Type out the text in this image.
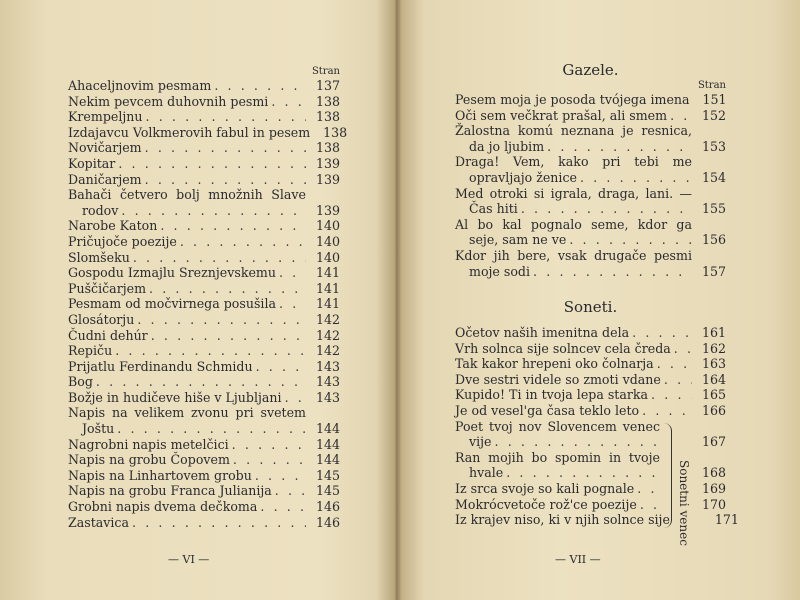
Stran
Ahaceljnovim pesmam . . .	137
Nekim pevcem duhovnih pesmi . . .	138
Krempeljnu . . .	138
Izdajavcu Volkmerovih fabul in pesem . . .	138
Novičarjem . . .	138
Kopitar . . .	139
Daničarjem . . .	139
Bahači četvero bolj množnih Slave
rodov . . .	139
Narobe Katon . . .	140
Pričujoče poezije . . .	140
Slomšeku . . .	140
Gospodu Izmajlu Sreznjevskemu . . .	141
Puščičarjem . . .	141
Pesmam od močvirnega posušila . . .	141
Glosátorju . . .	142
Čudni dehúr . . .	142
Repiču . . .	142
Prijatlu Ferdinandu Schmidu . . .	143
Bog . . .	143
Božje in hudičeve hiše v Ljubljani . . .	143
Napis na velikem zvonu pri svetem
Joštu . . .	144
Nagrobni napis metelčici . . .	144
Napis na grobu Čopovem . . .	144
Napis na Linhartovem grobu . . .	145
Napis na grobu Franca Julianija . . .	145
Grobni napis dvema dečkoma . . .	146
Zastavica . . .	146
— VI —
Gazele.
Stran
Pesem moja je posoda tvójega imena . . .	151
Oči sem večkrat prašal, ali smem . . .	152
Žalostna komú neznana je resnica,
da jo ljubim . . .	153
Draga! Vem, kako pri tebi me
opravljajo ženice . . .	154
Med otroki si igrala, draga, lani. —
Čas hiti . . .	155
Al bo kal pognalo seme, kdor ga
seje, sam ne ve . . .	156
Kdor jih bere, vsak drugače pesmi
moje sodi . . .	157
Soneti.
Očetov naših imenitna dela . . .	161
Vrh solnca sije solncev cela čreda . . .	162
Tak kakor hrepeni oko čolnarja . . .	163
Dve sestri videle so zmoti vdane . . .	164
Kupido! Ti in tvoja lepa starka . . .	165
Je od vesel'ga časa teklo leto . . .	166
Poet tvoj nov Slovencem venec
vije . . .	167
Ran mojih bo spomin in tvoje
hvale . . .	168
Iz srca svoje so kali pognale . . .	169
Mokrócvetoče rož'ce poezije . . .	170
Iz krajev niso, ki v njih solnce sije . . .	171
Sonetni venec
— VII —
